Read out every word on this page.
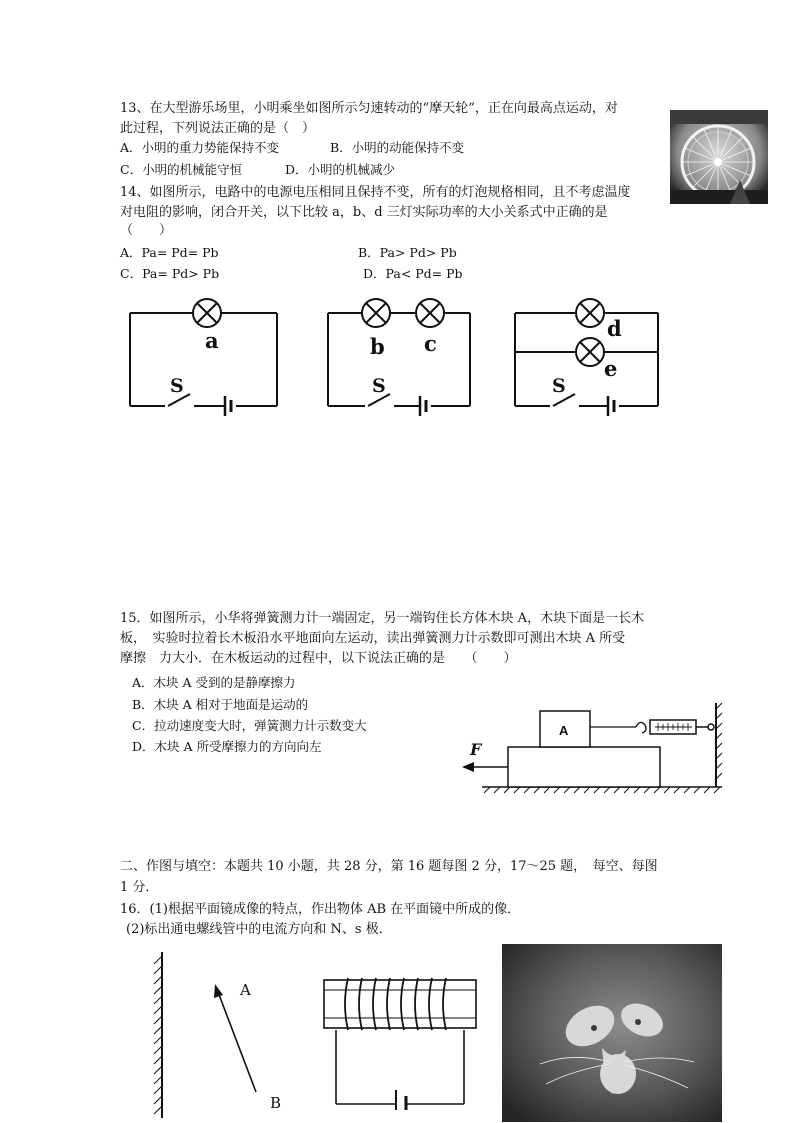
13、在大型游乐场里，小明乘坐如图所示匀速转动的“摩天轮”，正在向最高点运动，对
此过程，下列说法正确的是（　）
A．小明的重力势能保持不变	B．小明的动能保持不变
C．小明的机械能守恒	D．小明的机械减少
14、如图所示，电路中的电源电压相同且保持不变，所有的灯泡规格相同，且不考虑温度
对电阻的影响，闭合开关，以下比较 a，b、d 三灯实际功率的大小关系式中正确的是
（　　）
A．Pa= Pd= Pb	B．Pa> Pd> Pb
C．Pa= Pd> Pb	D．Pa< Pd= Pb
a
S
b c
S
d
e
S
15．如图所示，小华将弹簧测力计一端固定，另一端钩住长方体木块 A，木块下面是一长木
板，　实验时拉着长木板沿水平地面向左运动，读出弹簧测力计示数即可测出木块 A 所受
摩擦　力大小．在木板运动的过程中，以下说法正确的是　　（　　）
A．木块 A 受到的是静摩擦力
B．木块 A 相对于地面是运动的
C．拉动速度变大时，弹簧测力计示数变大
D．木块 A 所受摩擦力的方向向左
A
F
二、作图与填空：本题共 10 小题，共 28 分，第 16 题每图 2 分，17～25 题，　每空、每图
1 分．
16．(1)根据平面镜成像的特点，作出物体 AB 在平面镜中所成的像．
(2)标出通电螺线管中的电流方向和 N、s 极．
A
B
